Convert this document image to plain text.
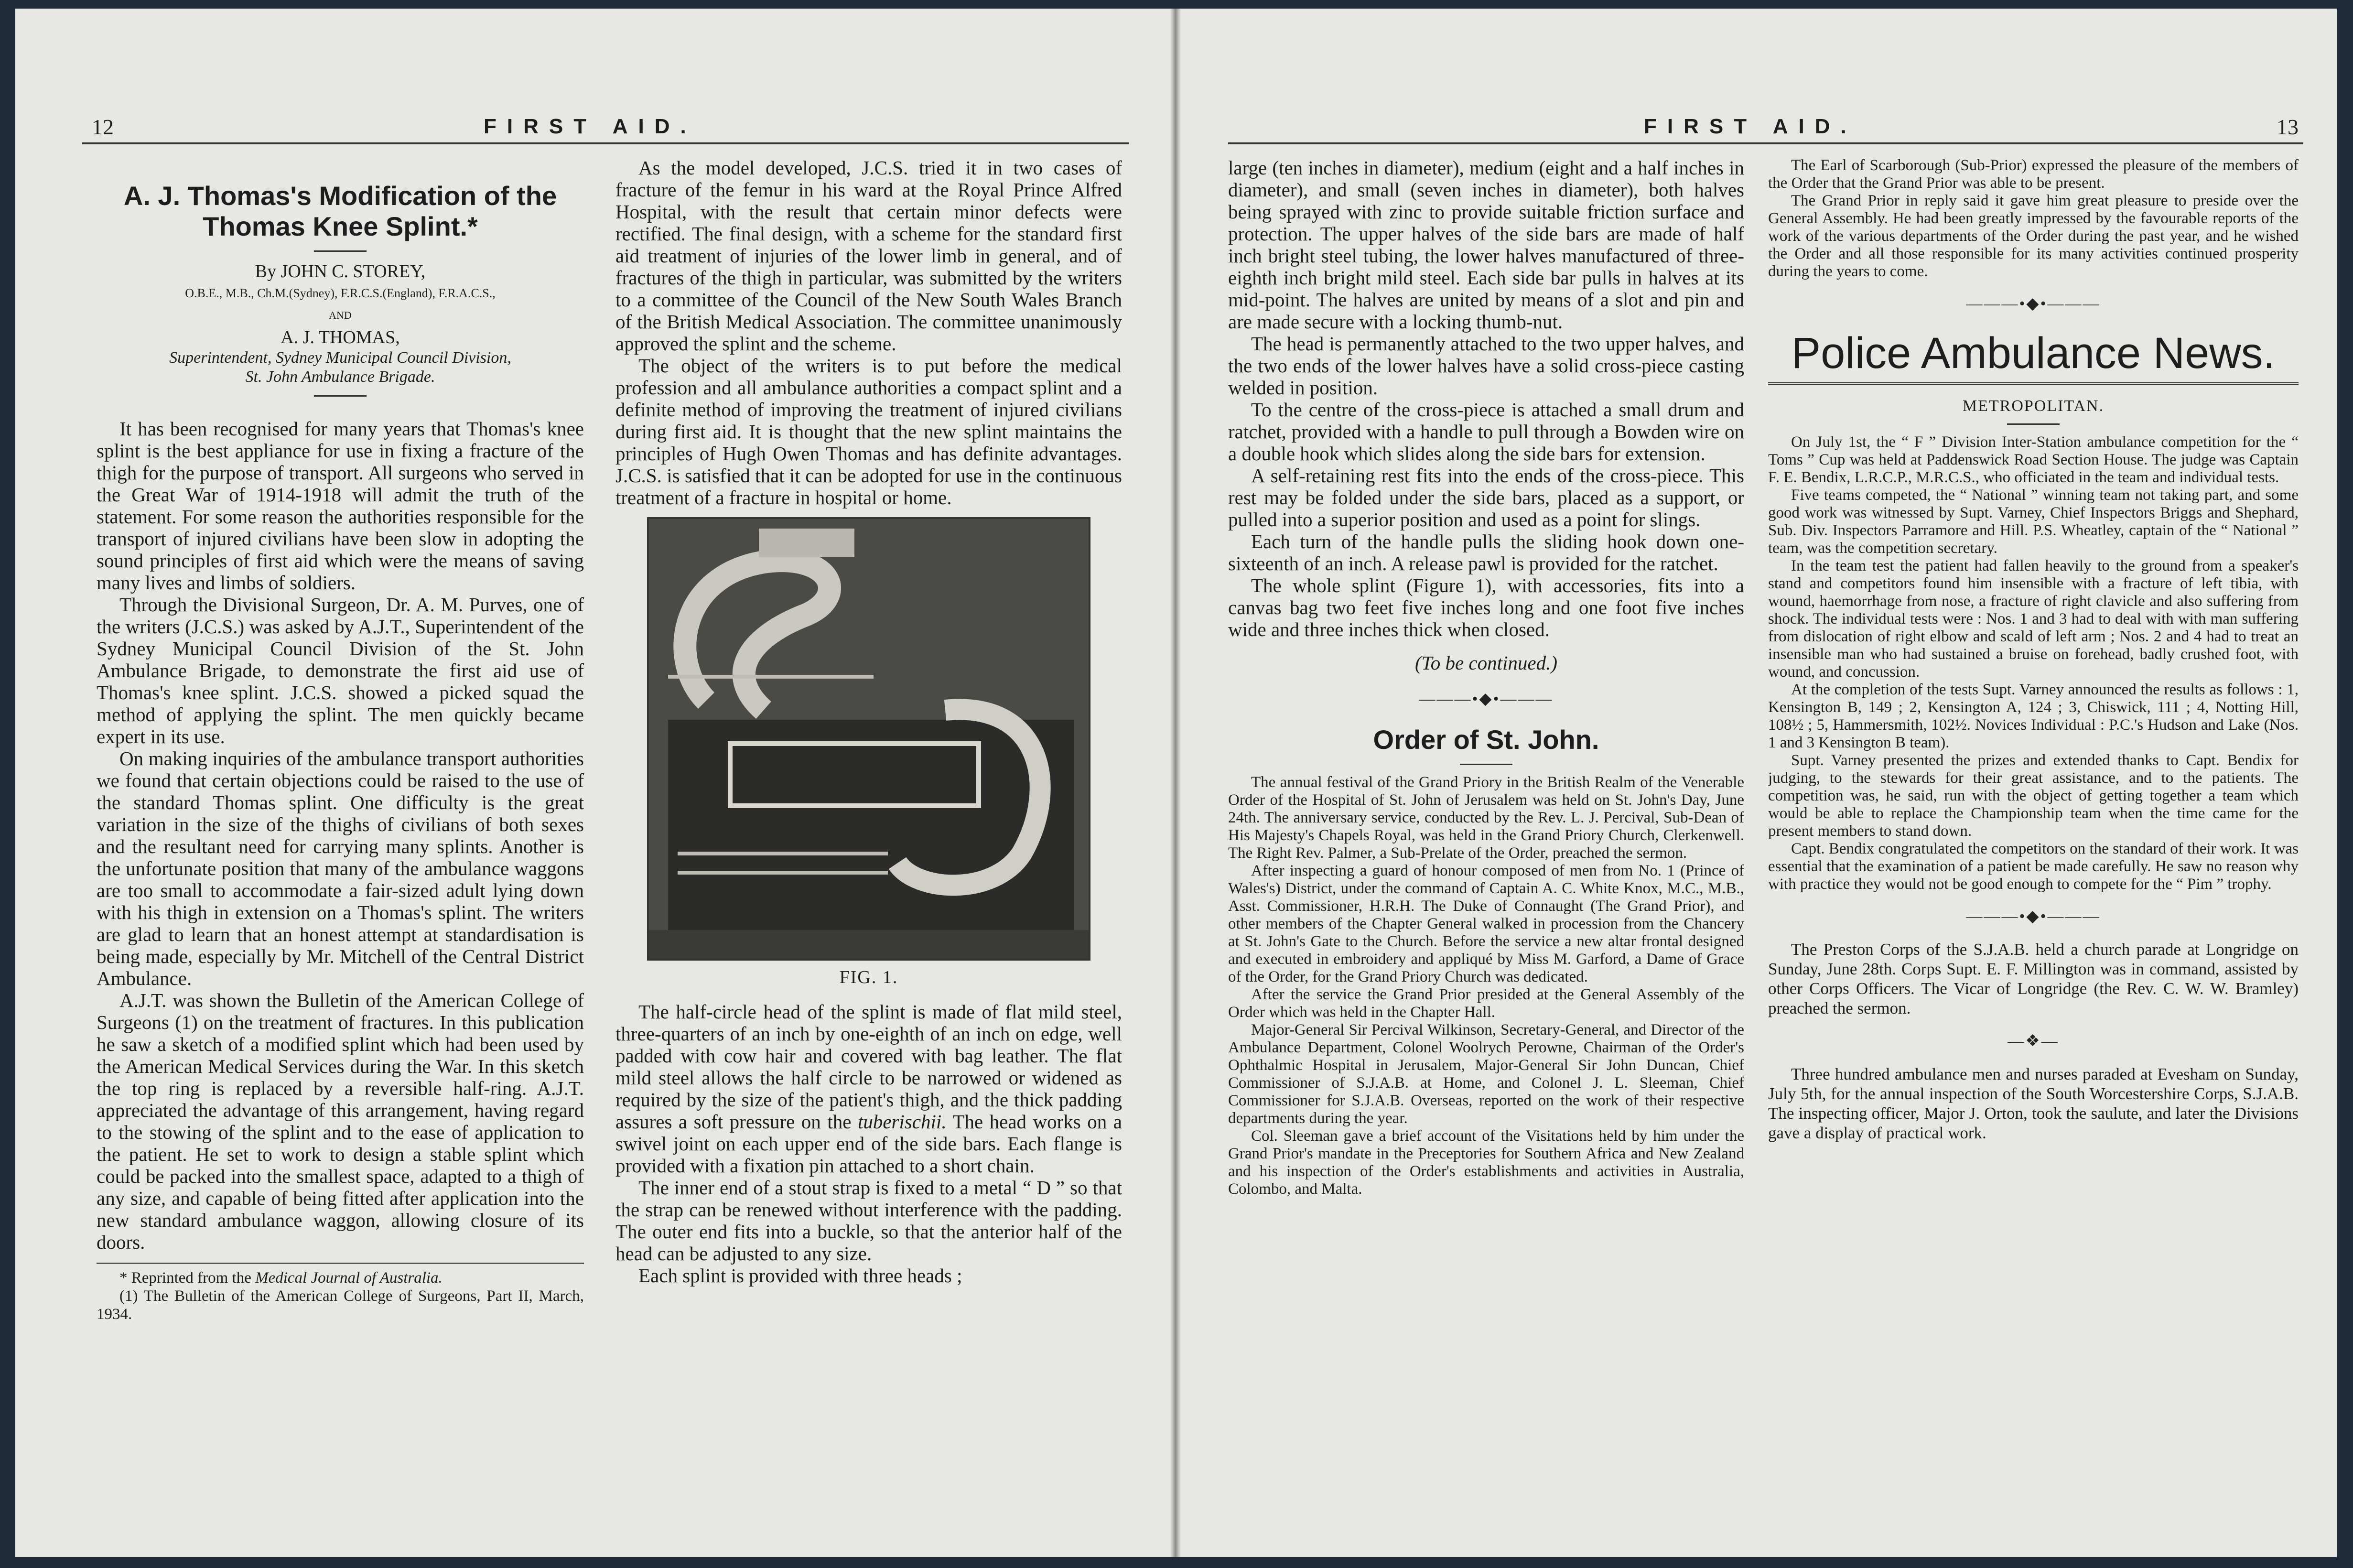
12	FIRST AID.
A. J. Thomas's Modification of the
Thomas Knee Splint.*

By JOHN C. STOREY,

O.B.E., M.B., Ch.M.(Sydney), F.R.C.S.(England), F.R.A.C.S.,

AND

A. J. THOMAS,

Superintendent, Sydney Municipal Council Division,

St. John Ambulance Brigade.

It has been recognised for many years that Thomas's knee splint is the best appliance for use in fixing a fracture of the thigh for the purpose of transport. All surgeons who served in the Great War of 1914-1918 will admit the truth of the statement. For some reason the authorities responsible for the transport of injured civilians have been slow in adopting the sound principles of first aid which were the means of saving many lives and limbs of soldiers.

Through the Divisional Surgeon, Dr. A. M. Purves, one of the writers (J.C.S.) was asked by A.J.T., Superintendent of the Sydney Municipal Council Division of the St. John Ambulance Brigade, to demonstrate the first aid use of Thomas's knee splint. J.C.S. showed a picked squad the method of applying the splint. The men quickly became expert in its use.

On making inquiries of the ambulance transport authorities we found that certain objections could be raised to the use of the standard Thomas splint. One difficulty is the great variation in the size of the thighs of civilians of both sexes and the resultant need for carrying many splints. Another is the unfortunate position that many of the ambulance waggons are too small to accommodate a fair-sized adult lying down with his thigh in extension on a Thomas's splint. The writers are glad to learn that an honest attempt at standardisation is being made, especially by Mr. Mitchell of the Central District Ambulance.

A.J.T. was shown the Bulletin of the American College of Surgeons (1) on the treatment of fractures. In this publication he saw a sketch of a modified splint which had been used by the American Medical Services during the War. In this sketch the top ring is replaced by a reversible half-ring. A.J.T. appreciated the advantage of this arrangement, having regard to the stowing of the splint and to the ease of application to the patient. He set to work to design a stable splint which could be packed into the smallest space, adapted to a thigh of any size, and capable of being fitted after application into the new standard ambulance waggon, allowing closure of its doors.

* Reprinted from the Medical Journal of Australia.

(1) The Bulletin of the American College of Surgeons, Part II, March, 1934.

As the model developed, J.C.S. tried it in two cases of fracture of the femur in his ward at the Royal Prince Alfred Hospital, with the result that certain minor defects were rectified. The final design, with a scheme for the standard first aid treatment of injuries of the lower limb in general, and of fractures of the thigh in particular, was submitted by the writers to a committee of the Council of the New South Wales Branch of the British Medical Association. The committee unanimously approved the splint and the scheme.

The object of the writers is to put before the medical profession and all ambulance authorities a compact splint and a definite method of improving the treatment of injured civilians during first aid. It is thought that the new splint maintains the principles of Hugh Owen Thomas and has definite advantages. J.C.S. is satisfied that it can be adopted for use in the continuous treatment of a fracture in hospital or home.

FIG. 1.

The half-circle head of the splint is made of flat mild steel, three-quarters of an inch by one-eighth of an inch on edge, well padded with cow hair and covered with bag leather. The flat mild steel allows the half circle to be narrowed or widened as required by the size of the patient's thigh, and the thick padding assures a soft pressure on the tuberischii. The head works on a swivel joint on each upper end of the side bars. Each flange is provided with a fixation pin attached to a short chain.

The inner end of a stout strap is fixed to a metal “ D ” so that the strap can be renewed without interference with the padding. The outer end fits into a buckle, so that the anterior half of the head can be adjusted to any size.

Each splint is provided with three heads ;

FIRST AID.	13

large (ten inches in diameter), medium (eight and a half inches in diameter), and small (seven inches in diameter), both halves being sprayed with zinc to provide suitable friction surface and protection. The upper halves of the side bars are made of half inch bright steel tubing, the lower halves manufactured of three-eighth inch bright mild steel. Each side bar pulls in halves at its mid-point. The halves are united by means of a slot and pin and are made secure with a locking thumb-nut.

The head is permanently attached to the two upper halves, and the two ends of the lower halves have a solid cross-piece casting welded in position.

To the centre of the cross-piece is attached a small drum and ratchet, provided with a handle to pull through a Bowden wire on a double hook which slides along the side bars for extension.

A self-retaining rest fits into the ends of the cross-piece. This rest may be folded under the side bars, placed as a support, or pulled into a superior position and used as a point for slings.

Each turn of the handle pulls the sliding hook down one-sixteenth of an inch. A release pawl is provided for the ratchet.

The whole splint (Figure 1), with accessories, fits into a canvas bag two feet five inches long and one foot five inches wide and three inches thick when closed.

(To be continued.)

———•◆•———
Order of St. John.

The annual festival of the Grand Priory in the British Realm of the Venerable Order of the Hospital of St. John of Jerusalem was held on St. John's Day, June 24th. The anniversary service, conducted by the Rev. L. J. Percival, Sub-Dean of His Majesty's Chapels Royal, was held in the Grand Priory Church, Clerkenwell. The Right Rev. Palmer, a Sub-Prelate of the Order, preached the sermon.

After inspecting a guard of honour composed of men from No. 1 (Prince of Wales's) District, under the command of Captain A. C. White Knox, M.C., M.B., Asst. Commissioner, H.R.H. The Duke of Connaught (The Grand Prior), and other members of the Chapter General walked in procession from the Chancery at St. John's Gate to the Church. Before the service a new altar frontal designed and executed in embroidery and appliqué by Miss M. Garford, a Dame of Grace of the Order, for the Grand Priory Church was dedicated.

After the service the Grand Prior presided at the General Assembly of the Order which was held in the Chapter Hall.

Major-General Sir Percival Wilkinson, Secretary-General, and Director of the Ambulance Department, Colonel Woolrych Perowne, Chairman of the Order's Ophthalmic Hospital in Jerusalem, Major-General Sir John Duncan, Chief Commissioner of S.J.A.B. at Home, and Colonel J. L. Sleeman, Chief Commissioner for S.J.A.B. Overseas, reported on the work of their respective departments during the year.

Col. Sleeman gave a brief account of the Visitations held by him under the Grand Prior's mandate in the Preceptories for Southern Africa and New Zealand and his inspection of the Order's establishments and activities in Australia, Colombo, and Malta.

The Earl of Scarborough (Sub-Prior) expressed the pleasure of the members of the Order that the Grand Prior was able to be present.

The Grand Prior in reply said it gave him great pleasure to preside over the General Assembly. He had been greatly impressed by the favourable reports of the work of the various departments of the Order during the past year, and he wished the Order and all those responsible for its many activities continued prosperity during the years to come.

———•◆•———
Police Ambulance News.
METROPOLITAN.

On July 1st, the “ F ” Division Inter-Station ambulance competition for the “ Toms ” Cup was held at Paddenswick Road Section House. The judge was Captain F. E. Bendix, L.R.C.P., M.R.C.S., who officiated in the team and individual tests.

Five teams competed, the “ National ” winning team not taking part, and some good work was witnessed by Supt. Varney, Chief Inspectors Briggs and Shephard, Sub. Div. Inspectors Parramore and Hill. P.S. Wheatley, captain of the “ National ” team, was the competition secretary.

In the team test the patient had fallen heavily to the ground from a speaker's stand and competitors found him insensible with a fracture of left tibia, with wound, haemorrhage from nose, a fracture of right clavicle and also suffering from shock. The individual tests were : Nos. 1 and 3 had to deal with with man suffering from dislocation of right elbow and scald of left arm ; Nos. 2 and 4 had to treat an insensible man who had sustained a bruise on forehead, badly crushed foot, with wound, and concussion.

At the completion of the tests Supt. Varney announced the results as follows : 1, Kensington B, 149 ; 2, Kensington A, 124 ; 3, Chiswick, 111 ; 4, Notting Hill, 108½ ; 5, Hammersmith, 102½. Novices Individual : P.C.'s Hudson and Lake (Nos. 1 and 3 Kensington B team).

Supt. Varney presented the prizes and extended thanks to Capt. Bendix for judging, to the stewards for their great assistance, and to the patients. The competition was, he said, run with the object of getting together a team which would be able to replace the Championship team when the time came for the present members to stand down.

Capt. Bendix congratulated the competitors on the standard of their work. It was essential that the examination of a patient be made carefully. He saw no reason why with practice they would not be good enough to compete for the “ Pim ” trophy.

———•◆•———

The Preston Corps of the S.J.A.B. held a church parade at Longridge on Sunday, June 28th. Corps Supt. E. F. Millington was in command, assisted by other Corps Officers. The Vicar of Longridge (the Rev. C. W. W. Bramley) preached the sermon.

—❖—

Three hundred ambulance men and nurses paraded at Evesham on Sunday, July 5th, for the annual inspection of the South Worcestershire Corps, S.J.A.B. The inspecting officer, Major J. Orton, took the saulute, and later the Divisions gave a display of practical work.
